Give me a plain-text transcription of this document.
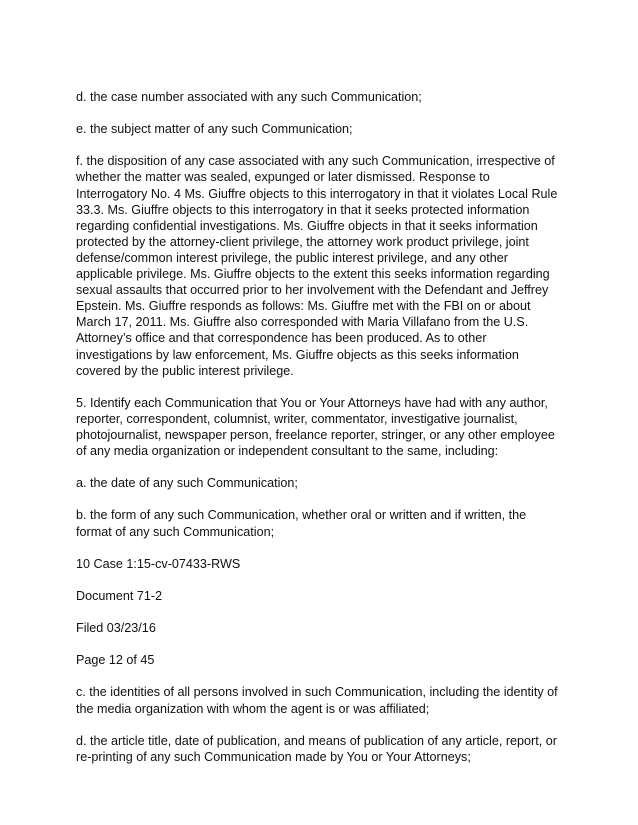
d. the case number associated with any such Communication;

e. the subject matter of any such Communication;

f. the disposition of any case associated with any such Communication, irrespective of whether the matter was sealed, expunged or later dismissed. Response to Interrogatory No. 4 Ms. Giuffre objects to this interrogatory in that it violates Local Rule 33.3. Ms. Giuffre objects to this interrogatory in that it seeks protected information regarding confidential investigations. Ms. Giuffre objects in that it seeks information protected by the attorney-client privilege, the attorney work product privilege, joint defense/common interest privilege, the public interest privilege, and any other applicable privilege. Ms. Giuffre objects to the extent this seeks information regarding sexual assaults that occurred prior to her involvement with the Defendant and Jeffrey Epstein. Ms. Giuffre responds as follows: Ms. Giuffre met with the FBI on or about March 17, 2011. Ms. Giuffre also corresponded with Maria Villafano from the U.S. Attorney’s office and that correspondence has been produced. As to other investigations by law enforcement, Ms. Giuffre objects as this seeks information covered by the public interest privilege.

5. Identify each Communication that You or Your Attorneys have had with any author, reporter, correspondent, columnist, writer, commentator, investigative journalist, photojournalist, newspaper person, freelance reporter, stringer, or any other employee of any media organization or independent consultant to the same, including:

a. the date of any such Communication;

b. the form of any such Communication, whether oral or written and if written, the format of any such Communication;

10 Case 1:15-cv-07433-RWS

Document 71-2

Filed 03/23/16

Page 12 of 45

c. the identities of all persons involved in such Communication, including the identity of the media organization with whom the agent is or was affiliated;

d. the article title, date of publication, and means of publication of any article, report, or re-printing of any such Communication made by You or Your Attorneys;
